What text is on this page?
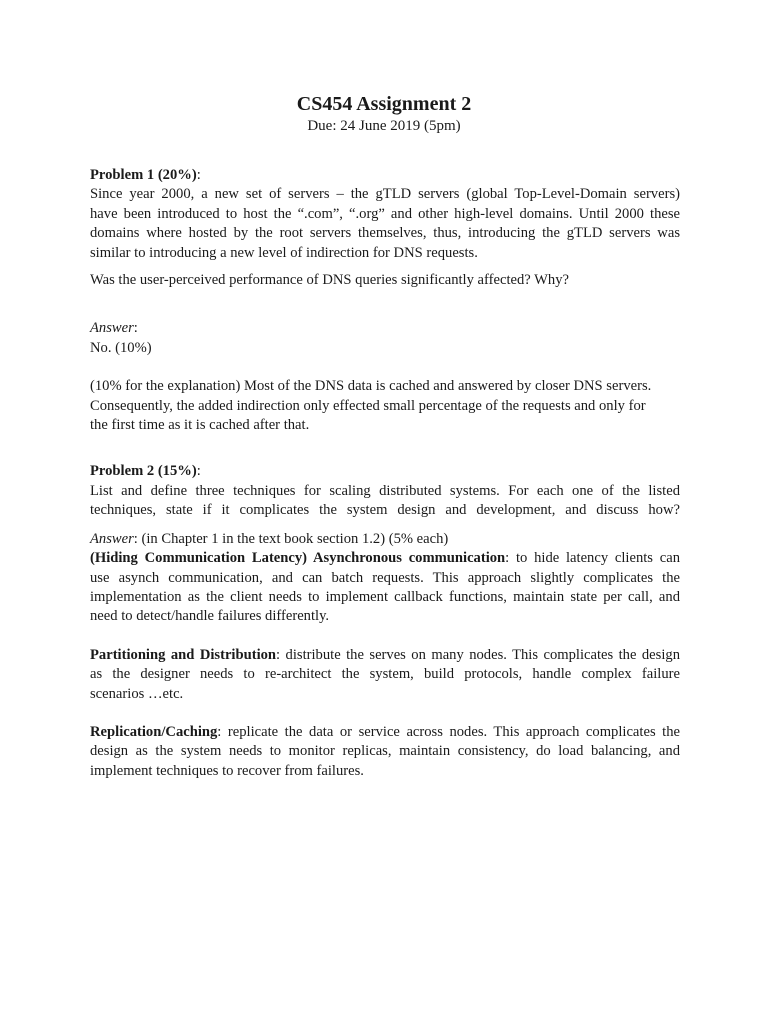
CS454 Assignment 2
Due: 24 June 2019 (5pm)

Problem 1 (20%):

Since year 2000, a new set of servers – the gTLD servers (global Top-Level-Domain servers)

have been introduced to host the “.com”, “.org” and other high-level domains. Until 2000 these

domains where hosted by the root servers themselves, thus, introducing the gTLD servers was

similar to introducing a new level of indirection for DNS requests.

Was the user-perceived performance of DNS queries significantly affected? Why?

Answer:

No. (10%)

(10% for the explanation) Most of the DNS data is cached and answered by closer DNS servers.

Consequently, the added indirection only effected small percentage of the requests and only for

the first time as it is cached after that.

Problem 2 (15%):

List and define three techniques for scaling distributed systems. For each one of the listed

techniques, state if it complicates the system design and development, and discuss how?

Answer: (in Chapter 1 in the text book section 1.2) (5% each)

(Hiding Communication Latency) Asynchronous communication: to hide latency clients can

use asynch communication, and can batch requests. This approach slightly complicates the

implementation as the client needs to implement callback functions, maintain state per call, and

need to detect/handle failures differently.

Partitioning and Distribution: distribute the serves on many nodes. This complicates the design

as the designer needs to re-architect the system, build protocols, handle complex failure

scenarios …etc.

Replication/Caching: replicate the data or service across nodes. This approach complicates the

design as the system needs to monitor replicas, maintain consistency, do load balancing, and

implement techniques to recover from failures.
